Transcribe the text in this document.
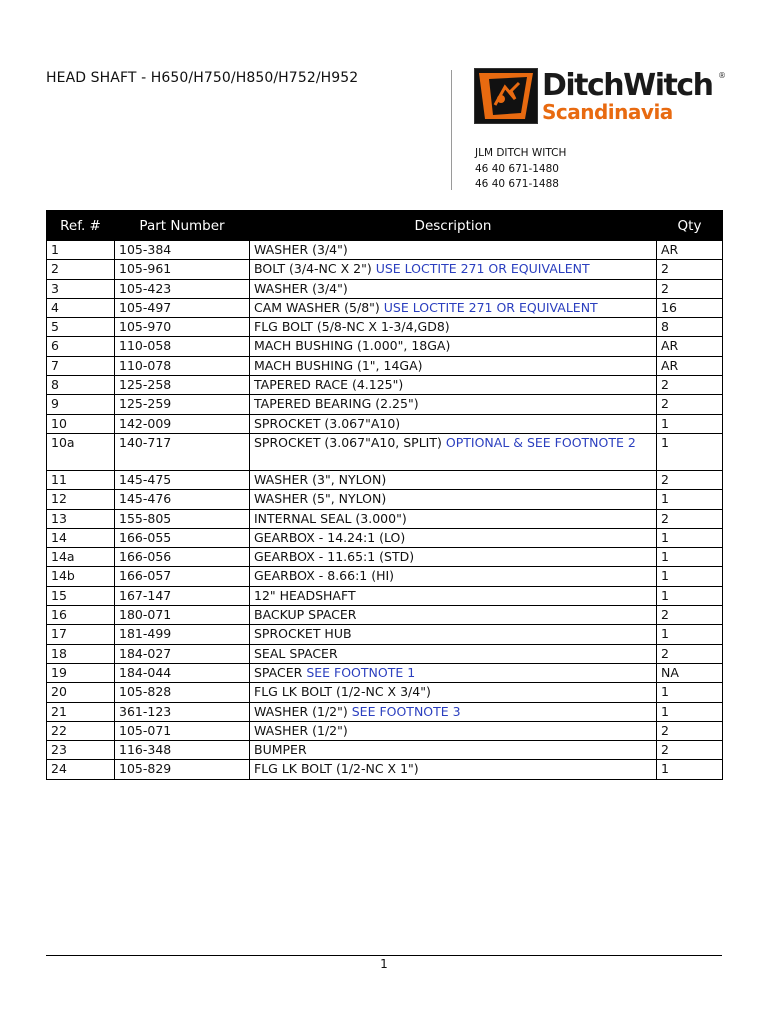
HEAD SHAFT - H650/H750/H850/H752/H952	DitchWitch ®
Scandinavia
JLM DITCH WITCH
46 40 671-1480
46 40 671-1488
Ref. #	Part Number	Description	Qty
1	105-384	WASHER (3/4")	AR
2	105-961	BOLT (3/4-NC X 2") USE LOCTITE 271 OR EQUIVALENT	2
3	105-423	WASHER (3/4")	2
4	105-497	CAM WASHER (5/8") USE LOCTITE 271 OR EQUIVALENT	16
5	105-970	FLG BOLT (5/8-NC X 1-3/4,GD8)	8
6	110-058	MACH BUSHING (1.000", 18GA)	AR
7	110-078	MACH BUSHING (1", 14GA)	AR
8	125-258	TAPERED RACE (4.125")	2
9	125-259	TAPERED BEARING (2.25")	2
10	142-009	SPROCKET (3.067"A10)	1
10a	140-717	SPROCKET (3.067"A10, SPLIT) OPTIONAL & SEE FOOTNOTE 2	1
11	145-475	WASHER (3", NYLON)	2
12	145-476	WASHER (5", NYLON)	1
13	155-805	INTERNAL SEAL (3.000")	2
14	166-055	GEARBOX - 14.24:1 (LO)	1
14a	166-056	GEARBOX - 11.65:1 (STD)	1
14b	166-057	GEARBOX - 8.66:1 (HI)	1
15	167-147	12" HEADSHAFT	1
16	180-071	BACKUP SPACER	2
17	181-499	SPROCKET HUB	1
18	184-027	SEAL SPACER	2
19	184-044	SPACER SEE FOOTNOTE 1	NA
20	105-828	FLG LK BOLT (1/2-NC X 3/4")	1
21	361-123	WASHER (1/2") SEE FOOTNOTE 3	1
22	105-071	WASHER (1/2")	2
23	116-348	BUMPER	2
24	105-829	FLG LK BOLT (1/2-NC X 1")	1
1
